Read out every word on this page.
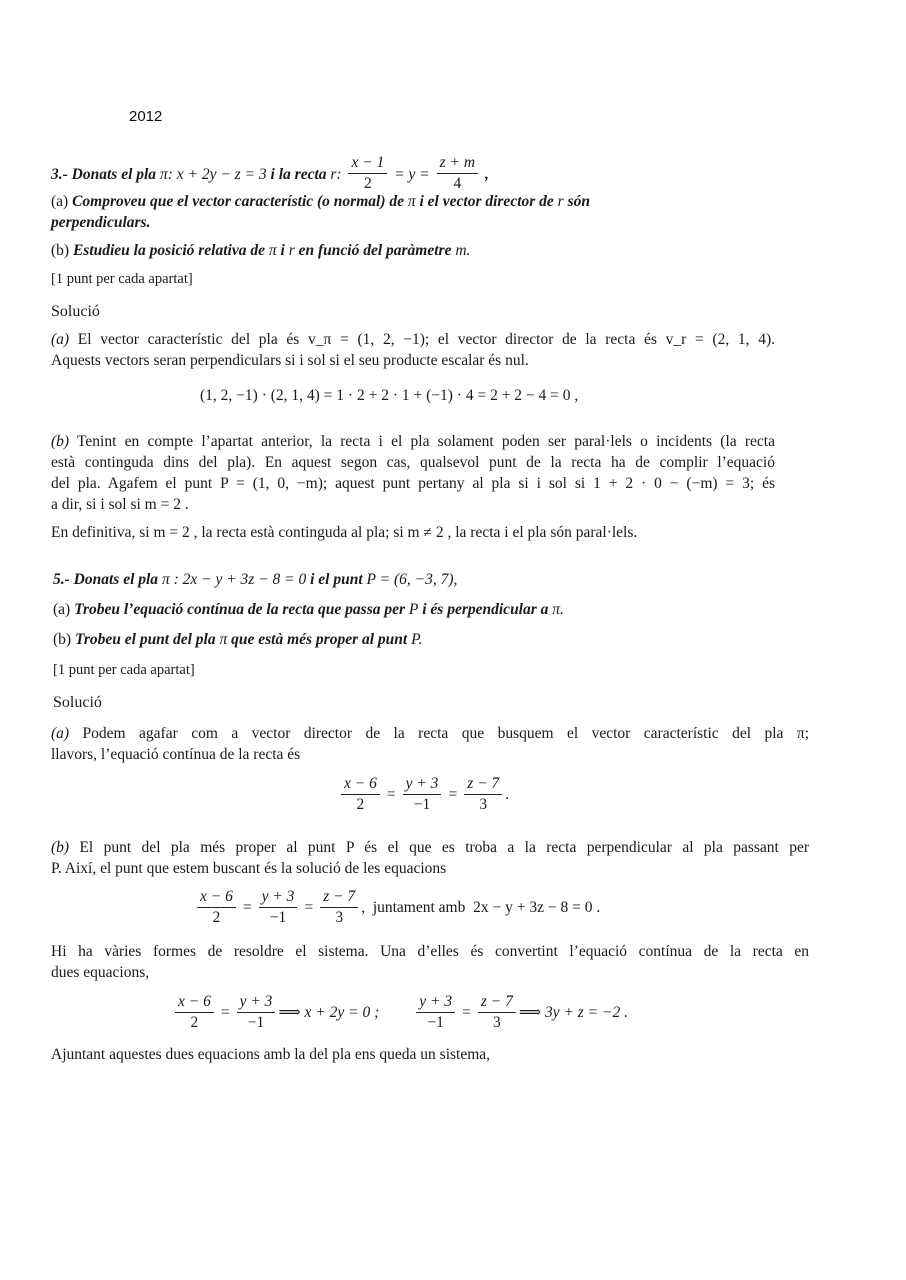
2012
3.- Donats el pla π: x + 2y − z = 3 i la recta r: $\frac{x - 1}{2} = y = \frac{z + m}{4}$ ,
(a) Comproveu que el vector característic (o normal) de π i el vector director de r són
perpendiculars.
(b) Estudieu la posició relativa de π i r en funció del paràmetre m.
[1 punt per cada apartat]
Solució
(a) El vector característic del pla és v_π = (1, 2, −1); el vector director de la recta és v_r = (2, 1, 4).
Aquests vectors seran perpendiculars si i sol si el seu producte escalar és nul.
(1, 2, −1) · (2, 1, 4) = 1 · 2 + 2 · 1 + (−1) · 4 = 2 + 2 − 4 = 0 ,
(b) Tenint en compte l’apartat anterior, la recta i el pla solament poden ser paral·lels o incidents (la recta
està continguda dins del pla). En aquest segon cas, qualsevol punt de la recta ha de complir l’equació
del pla. Agafem el punt P = (1, 0, −m); aquest punt pertany al pla si i sol si 1 + 2 · 0 − (−m) = 3; és
a dir, si i sol si m = 2 .
En definitiva, si m = 2 , la recta està continguda al pla; si m ≠ 2 , la recta i el pla són paral·lels.
5.- Donats el pla π : 2x − y + 3z − 8 = 0 i el punt P = (6, −3, 7),
(a) Trobeu l’equació contínua de la recta que passa per P i és perpendicular a π.
(b) Trobeu el punt del pla π que està més proper al punt P.
[1 punt per cada apartat]
Solució
(a) Podem agafar com a vector director de la recta que busquem el vector característic del pla π;
llavors, l’equació contínua de la recta és
$\frac{x - 6}{2} = \frac{y + 3}{-1} = \frac{z - 7}{3}$ .
(b) El punt del pla més proper al punt P és el que es troba a la recta perpendicular al pla passant per
P. Així, el punt que estem buscant és la solució de les equacions
$\frac{x - 6}{2} = \frac{y + 3}{-1} = \frac{z - 7}{3}$ ,  juntament amb  2x − y + 3z − 8 = 0 .
Hi ha vàries formes de resoldre el sistema. Una d’elles és convertint l’equació contínua de la recta en
dues equacions,
$\frac{x - 6}{2} = \frac{y + 3}{-1}$ ⟹ x + 2y = 0 ; $\frac{y + 3}{-1} = \frac{z - 7}{3}$ ⟹ 3y + z = −2 .
Ajuntant aquestes dues equacions amb la del pla ens queda un sistema,
